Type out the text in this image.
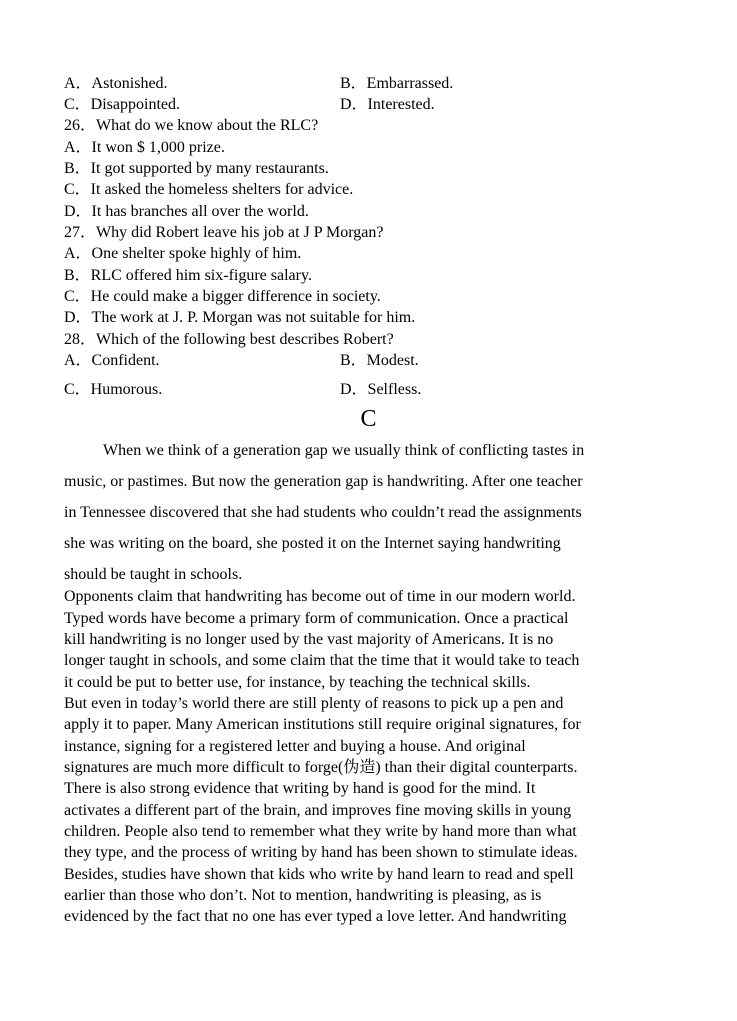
A．Astonished.	B．Embarrassed.
C．Disappointed.	D．Interested.
26．What do we know about the RLC?
A．It won $ 1,000 prize.
B．It got supported by many restaurants.
C．It asked the homeless shelters for advice.
D．It has branches all over the world.
27．Why did Robert leave his job at J P Morgan?
A．One shelter spoke highly of him.
B．RLC offered him six-figure salary.
C．He could make a bigger difference in society.
D．The work at J. P. Morgan was not suitable for him.
28．Which of the following best describes Robert?
A．Confident.	B．Modest.
C．Humorous.	D．Selfless.
C
When we think of a generation gap we usually think of conflicting tastes in
music, or pastimes. But now the generation gap is handwriting. After one teacher
in Tennessee discovered that she had students who couldn’t read the assignments
she was writing on the board, she posted it on the Internet saying handwriting
should be taught in schools.
Opponents claim that handwriting has become out of time in our modern world.
Typed words have become a primary form of communication. Once a practical
kill handwriting is no longer used by the vast majority of Americans. It is no
longer taught in schools, and some claim that the time that it would take to teach
it could be put to better use, for instance, by teaching the technical skills.
But even in today’s world there are still plenty of reasons to pick up a pen and
apply it to paper. Many American institutions still require original signatures, for
instance, signing for a registered letter and buying a house. And original
signatures are much more difficult to forge(伪造) than their digital counterparts.
There is also strong evidence that writing by hand is good for the mind. It
activates a different part of the brain, and improves fine moving skills in young
children. People also tend to remember what they write by hand more than what
they type, and the process of writing by hand has been shown to stimulate ideas.
Besides, studies have shown that kids who write by hand learn to read and spell
earlier than those who don’t. Not to mention, handwriting is pleasing, as is
evidenced by the fact that no one has ever typed a love letter. And handwriting
